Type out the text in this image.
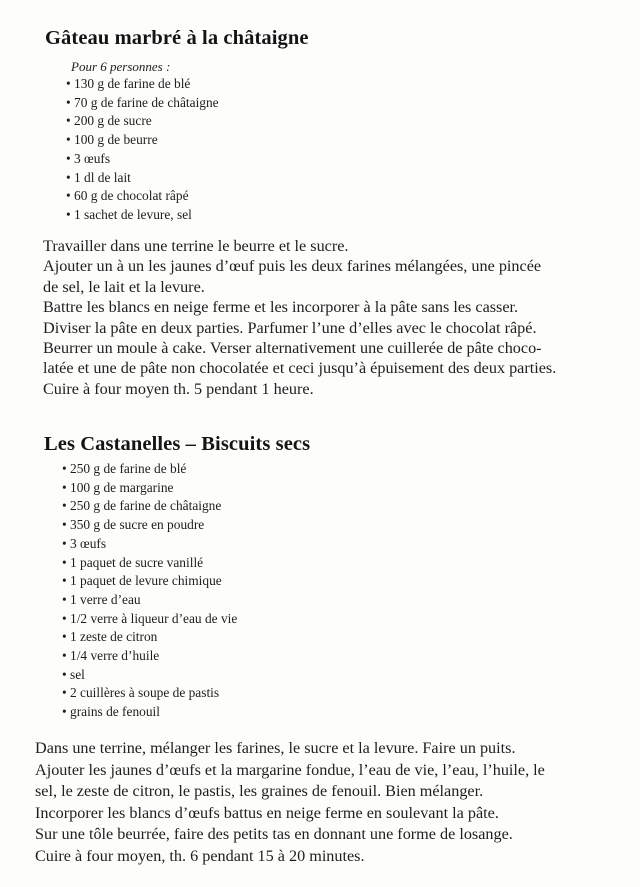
Gâteau marbré à la châtaigne
Pour 6 personnes :
• 130 g de farine de blé
• 70 g de farine de châtaigne
• 200 g de sucre
• 100 g de beurre
• 3 œufs
• 1 dl de lait
• 60 g de chocolat râpé
• 1 sachet de levure, sel

Travailler dans une terrine le beurre et le sucre.

Ajouter un à un les jaunes d’œuf puis les deux farines mélangées, une pincée

de sel, le lait et la levure.

Battre les blancs en neige ferme et les incorporer à la pâte sans les casser.

Diviser la pâte en deux parties. Parfumer l’une d’elles avec le chocolat râpé.

Beurrer un moule à cake. Verser alternativement une cuillerée de pâte choco-

latée et une de pâte non chocolatée et ceci jusqu’à épuisement des deux parties.

Cuire à four moyen th. 5 pendant 1 heure.

Les Castanelles – Biscuits secs
• 250 g de farine de blé
• 100 g de margarine
• 250 g de farine de châtaigne
• 350 g de sucre en poudre
• 3 œufs
• 1 paquet de sucre vanillé
• 1 paquet de levure chimique
• 1 verre d’eau
• 1/2 verre à liqueur d’eau de vie
• 1 zeste de citron
• 1/4 verre d’huile
• sel
• 2 cuillères à soupe de pastis
• grains de fenouil

Dans une terrine, mélanger les farines, le sucre et la levure. Faire un puits.

Ajouter les jaunes d’œufs et la margarine fondue, l’eau de vie, l’eau, l’huile, le

sel, le zeste de citron, le pastis, les graines de fenouil. Bien mélanger.

Incorporer les blancs d’œufs battus en neige ferme en soulevant la pâte.

Sur une tôle beurrée, faire des petits tas en donnant une forme de losange.

Cuire à four moyen, th. 6 pendant 15 à 20 minutes.
